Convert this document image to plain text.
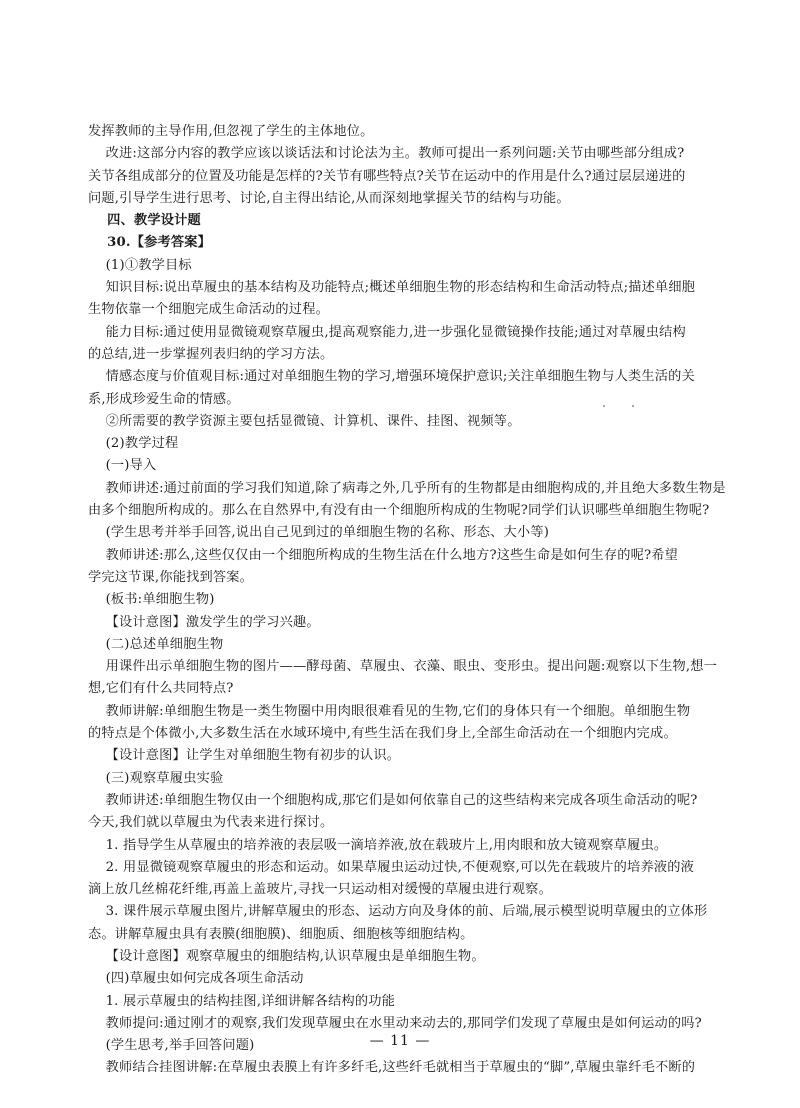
发挥教师的主导作用,但忽视了学生的主体地位。
改进:这部分内容的教学应该以谈话法和讨论法为主。教师可提出一系列问题:关节由哪些部分组成?
关节各组成部分的位置及功能是怎样的?关节有哪些特点?关节在运动中的作用是什么?通过层层递进的
问题,引导学生进行思考、讨论,自主得出结论,从而深刻地掌握关节的结构与功能。
四、教学设计题
30.【参考答案】
(1)①教学目标
知识目标:说出草履虫的基本结构及功能特点;概述单细胞生物的形态结构和生命活动特点;描述单细胞
生物依靠一个细胞完成生命活动的过程。
能力目标:通过使用显微镜观察草履虫,提高观察能力,进一步强化显微镜操作技能;通过对草履虫结构
的总结,进一步掌握列表归纳的学习方法。
情感态度与价值观目标:通过对单细胞生物的学习,增强环境保护意识;关注单细胞生物与人类生活的关
系,形成珍爱生命的情感。
②所需要的教学资源主要包括显微镜、计算机、课件、挂图、视频等。
(2)教学过程
(一)导入
教师讲述:通过前面的学习我们知道,除了病毒之外,几乎所有的生物都是由细胞构成的,并且绝大多数生物是
由多个细胞所构成的。那么在自然界中,有没有由一个细胞所构成的生物呢?同学们认识哪些单细胞生物呢?
(学生思考并举手回答,说出自己见到过的单细胞生物的名称、形态、大小等)
教师讲述:那么,这些仅仅由一个细胞所构成的生物生活在什么地方?这些生命是如何生存的呢?希望
学完这节课,你能找到答案。
(板书:单细胞生物)
【设计意图】激发学生的学习兴趣。
(二)总述单细胞生物
用课件出示单细胞生物的图片——酵母菌、草履虫、衣藻、眼虫、变形虫。提出问题:观察以下生物,想一
想,它们有什么共同特点?
教师讲解:单细胞生物是一类生物圈中用肉眼很难看见的生物,它们的身体只有一个细胞。单细胞生物
的特点是个体微小,大多数生活在水域环境中,有些生活在我们身上,全部生命活动在一个细胞内完成。
【设计意图】让学生对单细胞生物有初步的认识。
(三)观察草履虫实验
教师讲述:单细胞生物仅由一个细胞构成,那它们是如何依靠自己的这些结构来完成各项生命活动的呢?
今天,我们就以草履虫为代表来进行探讨。
1. 指导学生从草履虫的培养液的表层吸一滴培养液,放在载玻片上,用肉眼和放大镜观察草履虫。
2. 用显微镜观察草履虫的形态和运动。如果草履虫运动过快,不便观察,可以先在载玻片的培养液的液
滴上放几丝棉花纤维,再盖上盖玻片,寻找一只运动相对缓慢的草履虫进行观察。
3. 课件展示草履虫图片,讲解草履虫的形态、运动方向及身体的前、后端,展示模型说明草履虫的立体形
态。讲解草履虫具有表膜(细胞膜)、细胞质、细胞核等细胞结构。
【设计意图】观察草履虫的细胞结构,认识草履虫是单细胞生物。
(四)草履虫如何完成各项生命活动
1. 展示草履虫的结构挂图,详细讲解各结构的功能
教师提问:通过刚才的观察,我们发现草履虫在水里动来动去的,那同学们发现了草履虫是如何运动的吗?
(学生思考,举手回答问题)
教师结合挂图讲解:在草履虫表膜上有许多纤毛,这些纤毛就相当于草履虫的“脚”,草履虫靠纤毛不断的
— 11 —
